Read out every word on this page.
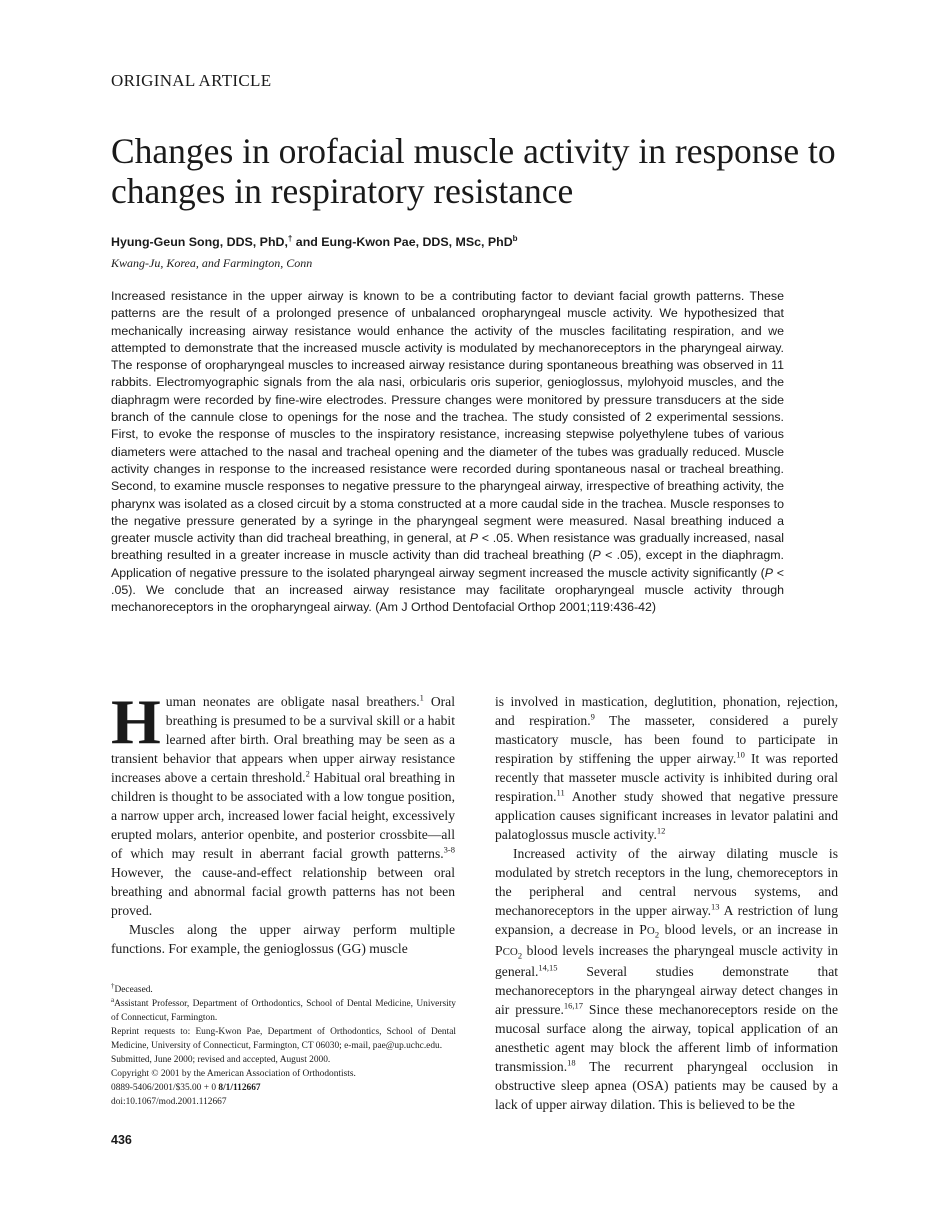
ORIGINAL ARTICLE
Changes in orofacial muscle activity in response to changes in respiratory resistance
Hyung-Geun Song, DDS, PhD,† and Eung-Kwon Pae, DDS, MSc, PhD$^b$
Kwang-Ju, Korea, and Farmington, Conn

Increased resistance in the upper airway is known to be a contributing factor to deviant facial growth patterns. These patterns are the result of a prolonged presence of unbalanced oropharyngeal muscle activity. We hypothesized that mechanically increasing airway resistance would enhance the activity of the muscles facilitating respiration, and we attempted to demonstrate that the increased muscle activity is modulated by mechanoreceptors in the pharyngeal airway. The response of oropharyngeal muscles to increased airway resistance during spontaneous breathing was observed in 11 rabbits. Electromyographic signals from the ala nasi, orbicularis oris superior, genioglossus, mylohyoid muscles, and the diaphragm were recorded by fine-wire electrodes. Pressure changes were monitored by pressure transducers at the side branch of the cannule close to openings for the nose and the trachea. The study consisted of 2 experimental sessions. First, to evoke the response of muscles to the inspiratory resistance, increasing stepwise polyethylene tubes of various diameters were attached to the nasal and tracheal opening and the diameter of the tubes was gradually reduced. Muscle activity changes in response to the increased resistance were recorded during spontaneous nasal or tracheal breathing. Second, to examine muscle responses to negative pressure to the pharyngeal airway, irrespective of breathing activity, the pharynx was isolated as a closed circuit by a stoma constructed at a more caudal side in the trachea. Muscle responses to the negative pressure generated by a syringe in the pharyngeal segment were measured. Nasal breathing induced a greater muscle activity than did tracheal breathing, in general, at P < .05. When resistance was gradually increased, nasal breathing resulted in a greater increase in muscle activity than did tracheal breathing (P < .05), except in the diaphragm. Application of negative pressure to the isolated pharyngeal airway segment increased the muscle activity significantly (P < .05). We conclude that an increased airway resistance may facilitate oropharyngeal muscle activity through mechanoreceptors in the oropharyngeal airway. (Am J Orthod Dentofacial Orthop 2001;119:436-42)

Human neonates are obligate nasal breathers.$^1$ Oral breathing is presumed to be a survival skill or a habit learned after birth. Oral breathing may be seen as a transient behavior that appears when upper airway resistance increases above a certain threshold.$^2$ Habitual oral breathing in children is thought to be associated with a low tongue position, a narrow upper arch, increased lower facial height, excessively erupted molars, anterior openbite, and posterior crossbite—all of which may result in aberrant facial growth patterns.$^{3-8}$ However, the cause-and-effect relationship between oral breathing and abnormal facial growth patterns has not been proved.

Muscles along the upper airway perform multiple functions. For example, the genioglossus (GG) muscle

is involved in mastication, deglutition, phonation, rejection, and respiration.$^9$ The masseter, considered a purely masticatory muscle, has been found to participate in respiration by stiffening the upper airway.$^{10}$ It was reported recently that masseter muscle activity is inhibited during oral respiration.$^{11}$ Another study showed that negative pressure application causes significant increases in levator palatini and palatoglossus muscle activity.$^{12}$

Increased activity of the airway dilating muscle is modulated by stretch receptors in the lung, chemoreceptors in the peripheral and central nervous systems, and mechanoreceptors in the upper airway.$^{13}$ A restriction of lung expansion, a decrease in $PO_2$ blood levels, or an increase in $PCO_2$ blood levels increases the pharyngeal muscle activity in general.$^{14,15}$ Several studies demonstrate that mechanoreceptors in the pharyngeal airway detect changes in air pressure.$^{16,17}$ Since these mechanoreceptors reside on the mucosal surface along the airway, topical application of an anesthetic agent may block the afferent limb of information transmission.$^{18}$ The recurrent pharyngeal occlusion in obstructive sleep apnea (OSA) patients may be caused by a lack of upper airway dilation. This is believed to be the

†Deceased.
$^a$Assistant Professor, Department of Orthodontics, School of Dental Medicine, University of Connecticut, Farmington.
Reprint requests to: Eung-Kwon Pae, Department of Orthodontics, School of Dental Medicine, University of Connecticut, Farmington, CT 06030; e-mail, pae@up.uchc.edu.
Submitted, June 2000; revised and accepted, August 2000.
Copyright © 2001 by the American Association of Orthodontists.
0889-5406/2001/$35.00 + 0 8/1/112667
doi:10.1067/mod.2001.112667
436
